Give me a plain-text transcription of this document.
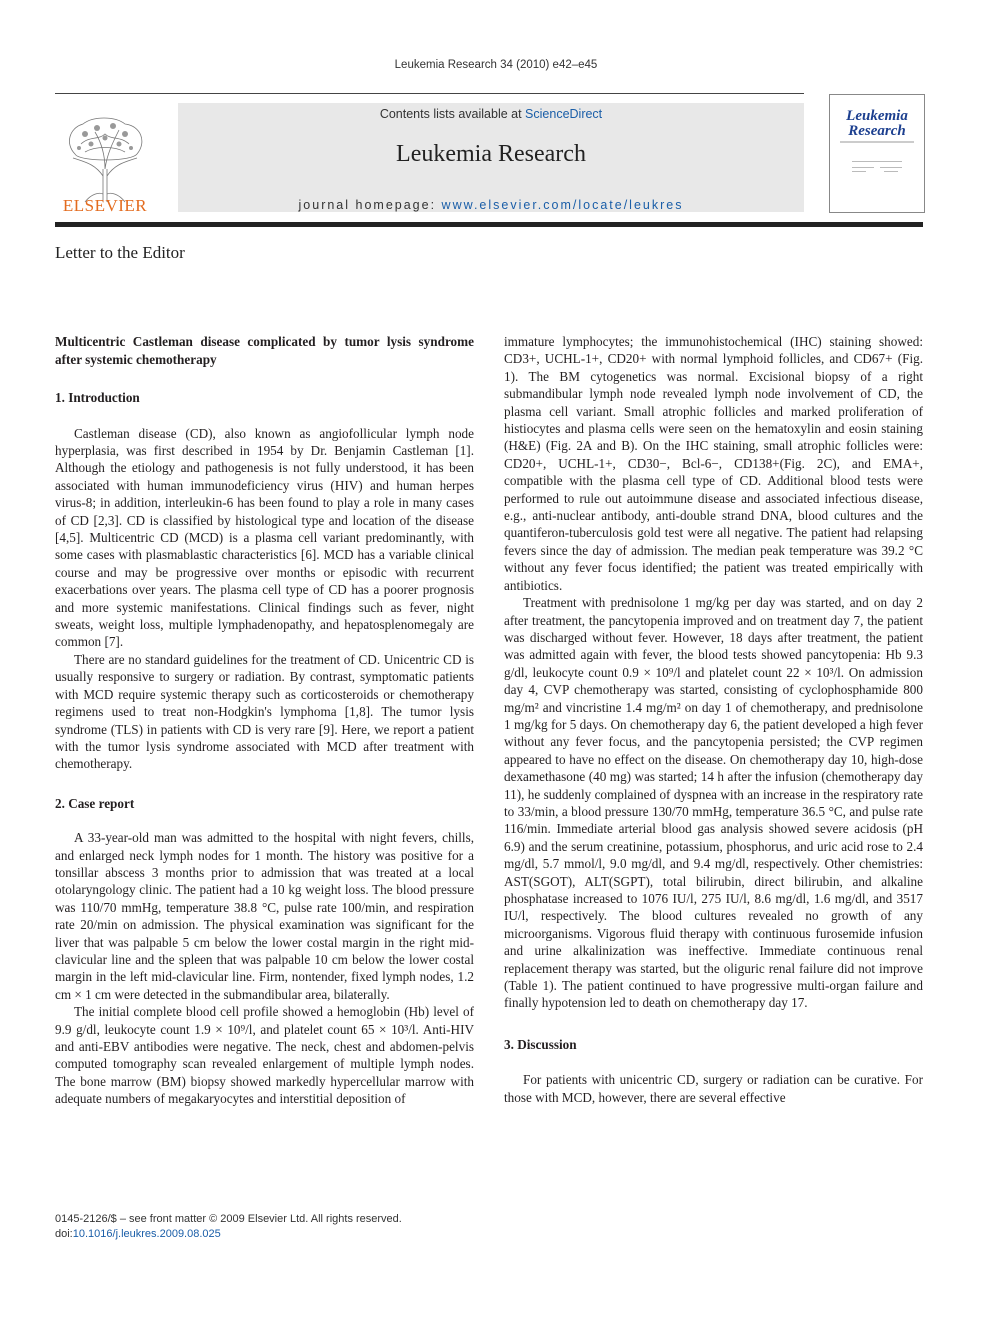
Leukemia Research 34 (2010) e42–e45
ELSEVIER
Contents lists available at ScienceDirect
Leukemia Research
journal homepage: www.elsevier.com/locate/leukres
Leukemia
Research
Letter to the Editor
Multicentric Castleman disease complicated by tumor lysis syndrome after systemic chemotherapy
1. Introduction

Castleman disease (CD), also known as angiofollicular lymph node hyperplasia, was first described in 1954 by Dr. Benjamin Castleman [1]. Although the etiology and pathogenesis is not fully understood, it has been associated with human immunodeficiency virus (HIV) and human herpes virus-8; in addition, interleukin-6 has been found to play a role in many cases of CD [2,3]. CD is classified by histological type and location of the disease [4,5]. Multicentric CD (MCD) is a plasma cell variant predominantly, with some cases with plasmablastic characteristics [6]. MCD has a variable clinical course and may be progressive over months or episodic with recurrent exacerbations over years. The plasma cell type of CD has a poorer prognosis and more systemic manifestations. Clinical findings such as fever, night sweats, weight loss, multiple lymphadenopathy, and hepatosplenomegaly are common [7].

There are no standard guidelines for the treatment of CD. Unicentric CD is usually responsive to surgery or radiation. By contrast, symptomatic patients with MCD require systemic therapy such as corticosteroids or chemotherapy regimens used to treat non-Hodgkin's lymphoma [1,8]. The tumor lysis syndrome (TLS) in patients with CD is very rare [9]. Here, we report a patient with the tumor lysis syndrome associated with MCD after treatment with chemotherapy.

2. Case report

A 33-year-old man was admitted to the hospital with night fevers, chills, and enlarged neck lymph nodes for 1 month. The history was positive for a tonsillar abscess 3 months prior to admission that was treated at a local otolaryngology clinic. The patient had a 10 kg weight loss. The blood pressure was 110/70 mmHg, temperature 38.8 °C, pulse rate 100/min, and respiration rate 20/min on admission. The physical examination was significant for the liver that was palpable 5 cm below the lower costal margin in the right mid-clavicular line and the spleen that was palpable 10 cm below the lower costal margin in the left mid-clavicular line. Firm, nontender, fixed lymph nodes, 1.2 cm × 1 cm were detected in the submandibular area, bilaterally.

The initial complete blood cell profile showed a hemoglobin (Hb) level of 9.9 g/dl, leukocyte count 1.9 × 10⁹/l, and platelet count 65 × 10³/l. Anti-HIV and anti-EBV antibodies were negative. The neck, chest and abdomen-pelvis computed tomography scan revealed enlargement of multiple lymph nodes. The bone marrow (BM) biopsy showed markedly hypercellular marrow with adequate numbers of megakaryocytes and interstitial deposition of

immature lymphocytes; the immunohistochemical (IHC) staining showed: CD3+, UCHL-1+, CD20+ with normal lymphoid follicles, and CD67+ (Fig. 1). The BM cytogenetics was normal. Excisional biopsy of a right submandibular lymph node revealed lymph node involvement of CD, the plasma cell variant. Small atrophic follicles and marked proliferation of histiocytes and plasma cells were seen on the hematoxylin and eosin staining (H&E) (Fig. 2A and B). On the IHC staining, small atrophic follicles were: CD20+, UCHL-1+, CD30−, Bcl-6−, CD138+(Fig. 2C), and EMA+, compatible with the plasma cell type of CD. Additional blood tests were performed to rule out autoimmune disease and associated infectious disease, e.g., anti-nuclear antibody, anti-double strand DNA, blood cultures and the quantiferon-tuberculosis gold test were all negative. The patient had relapsing fevers since the day of admission. The median peak temperature was 39.2 °C without any fever focus identified; the patient was treated empirically with antibiotics.

Treatment with prednisolone 1 mg/kg per day was started, and on day 2 after treatment, the pancytopenia improved and on treatment day 7, the patient was discharged without fever. However, 18 days after treatment, the patient was admitted again with fever, the blood tests showed pancytopenia: Hb 9.3 g/dl, leukocyte count 0.9 × 10⁹/l and platelet count 22 × 10³/l. On admission day 4, CVP chemotherapy was started, consisting of cyclophosphamide 800 mg/m² and vincristine 1.4 mg/m² on day 1 of chemotherapy, and prednisolone 1 mg/kg for 5 days. On chemotherapy day 6, the patient developed a high fever without any fever focus, and the pancytopenia persisted; the CVP regimen appeared to have no effect on the disease. On chemotherapy day 10, high-dose dexamethasone (40 mg) was started; 14 h after the infusion (chemotherapy day 11), he suddenly complained of dyspnea with an increase in the respiratory rate to 33/min, a blood pressure 130/70 mmHg, temperature 36.5 °C, and pulse rate 116/min. Immediate arterial blood gas analysis showed severe acidosis (pH 6.9) and the serum creatinine, potassium, phosphorus, and uric acid rose to 2.4 mg/dl, 5.7 mmol/l, 9.0 mg/dl, and 9.4 mg/dl, respectively. Other chemistries: AST(SGOT), ALT(SGPT), total bilirubin, direct bilirubin, and alkaline phosphatase increased to 1076 IU/l, 275 IU/l, 8.6 mg/dl, 1.6 mg/dl, and 3517 IU/l, respectively. The blood cultures revealed no growth of any microorganisms. Vigorous fluid therapy with continuous furosemide infusion and urine alkalinization was ineffective. Immediate continuous renal replacement therapy was started, but the oliguric renal failure did not improve (Table 1). The patient continued to have progressive multi-organ failure and finally hypotension led to death on chemotherapy day 17.

3. Discussion

For patients with unicentric CD, surgery or radiation can be curative. For those with MCD, however, there are several effective

0145-2126/$ – see front matter © 2009 Elsevier Ltd. All rights reserved.
doi:10.1016/j.leukres.2009.08.025
